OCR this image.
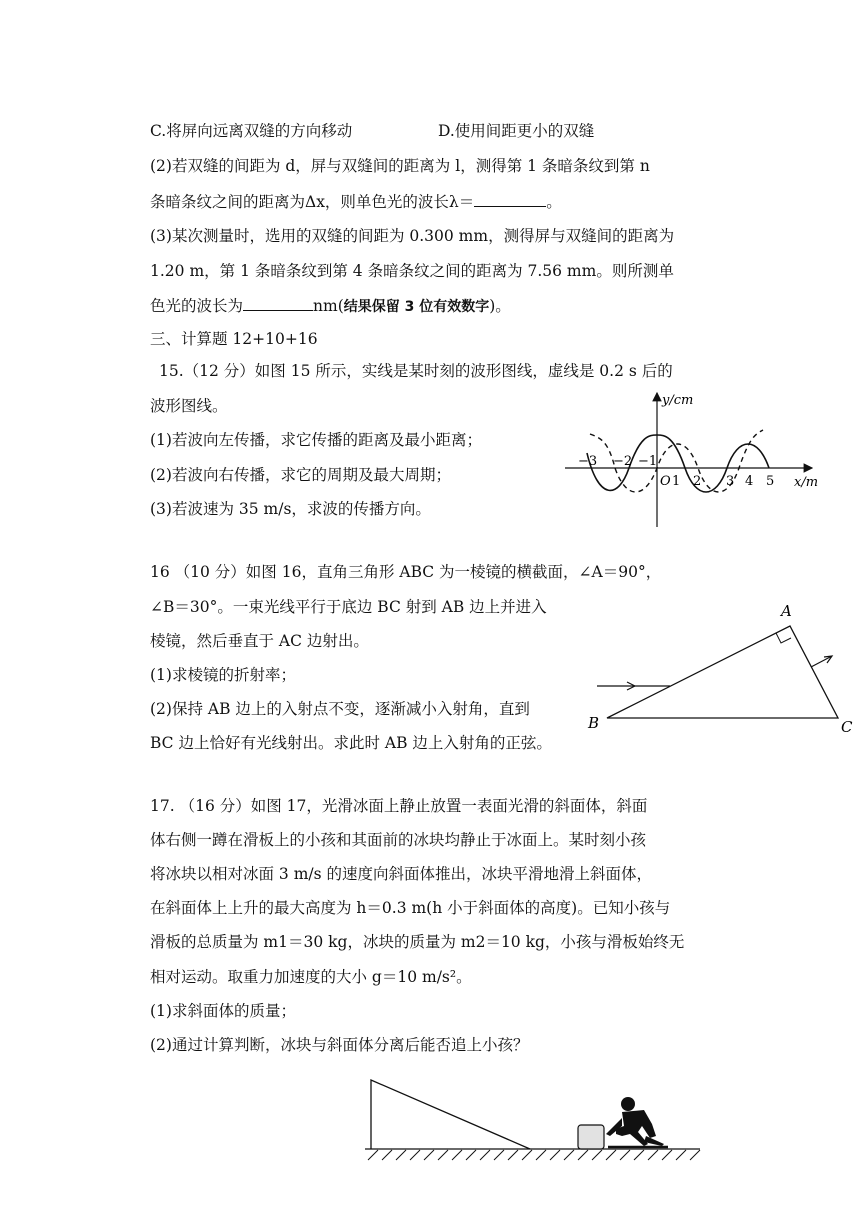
C.将屏向远离双缝的方向移动	D.使用间距更小的双缝
(2)若双缝的间距为 d，屏与双缝间的距离为 l，测得第 1 条暗条纹到第 n
条暗条纹之间的距离为Δx，则单色光的波长λ＝	。
(3)某次测量时，选用的双缝的间距为 0.300 mm，测得屏与双缝间的距离为
1.20 m，第 1 条暗条纹到第 4 条暗条纹之间的距离为 7.56 mm。则所测单
色光的波长为	nm(结果保留 3 位有效数字)。
三、计算题 12+10+16
15.（12 分）如图 15 所示，实线是某时刻的波形图线，虚线是 0.2 s 后的
波形图线。
(1)若波向左传播，求它传播的距离及最小距离；
(2)若波向右传播，求它的周期及最大周期；
(3)若波速为 35 m/s，求波的传播方向。
y/cm
x/m
O
−3 −2 −1
1 2 3 4 5
16 （10 分）如图 16，直角三角形 ABC 为一棱镜的横截面，∠A＝90°，
∠B＝30°。一束光线平行于底边 BC 射到 AB 边上并进入
棱镜，然后垂直于 AC 边射出。
(1)求棱镜的折射率；
(2)保持 AB 边上的入射点不变，逐渐减小入射角，直到
BC 边上恰好有光线射出。求此时 AB 边上入射角的正弦。
A
B	C
17. （16 分）如图 17，光滑冰面上静止放置一表面光滑的斜面体，斜面
体右侧一蹲在滑板上的小孩和其面前的冰块均静止于冰面上。某时刻小孩
将冰块以相对冰面 3 m/s 的速度向斜面体推出，冰块平滑地滑上斜面体，
在斜面体上上升的最大高度为 h＝0.3 m(h 小于斜面体的高度)。已知小孩与
滑板的总质量为 m1＝30 kg，冰块的质量为 m2＝10 kg，小孩与滑板始终无
相对运动。取重力加速度的大小 g＝10 m/s²。
(1)求斜面体的质量；
(2)通过计算判断，冰块与斜面体分离后能否追上小孩？
